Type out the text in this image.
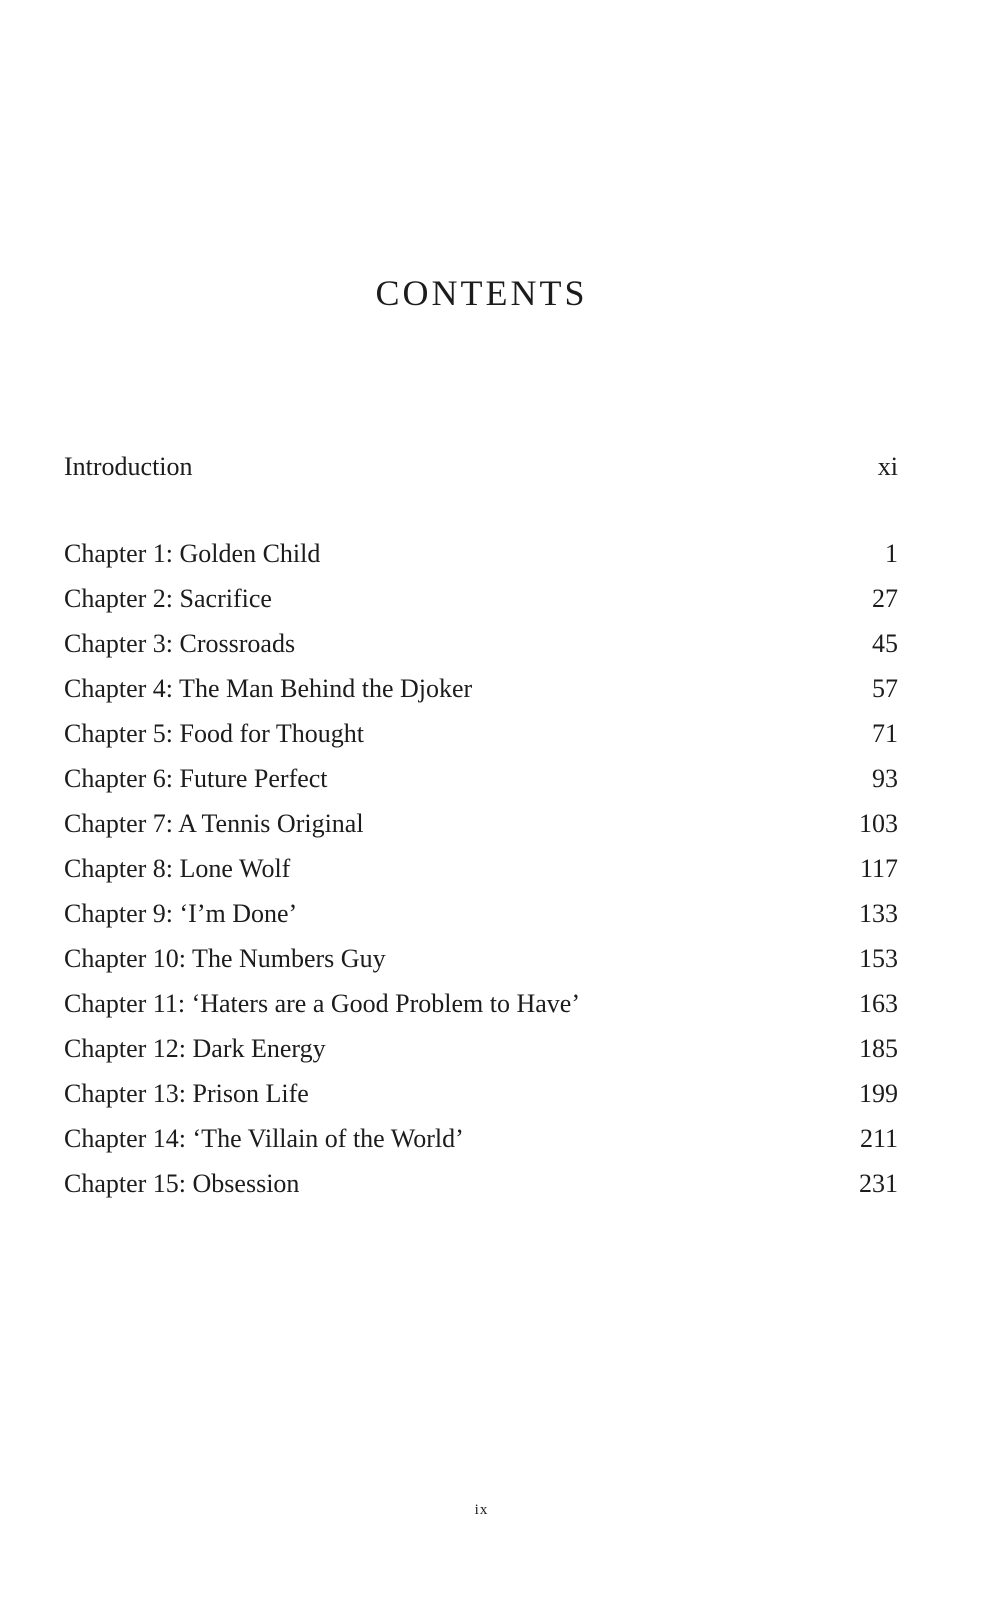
CONTENTS
Introduction	xi
Chapter 1: Golden Child	1
Chapter 2: Sacrifice	27
Chapter 3: Crossroads	45
Chapter 4: The Man Behind the Djoker	57
Chapter 5: Food for Thought	71
Chapter 6: Future Perfect	93
Chapter 7: A Tennis Original	103
Chapter 8: Lone Wolf	117
Chapter 9: ‘I’m Done’	133
Chapter 10: The Numbers Guy	153
Chapter 11: ‘Haters are a Good Problem to Have’	163
Chapter 12: Dark Energy	185
Chapter 13: Prison Life	199
Chapter 14: ‘The Villain of the World’	211
Chapter 15: Obsession	231
ix
